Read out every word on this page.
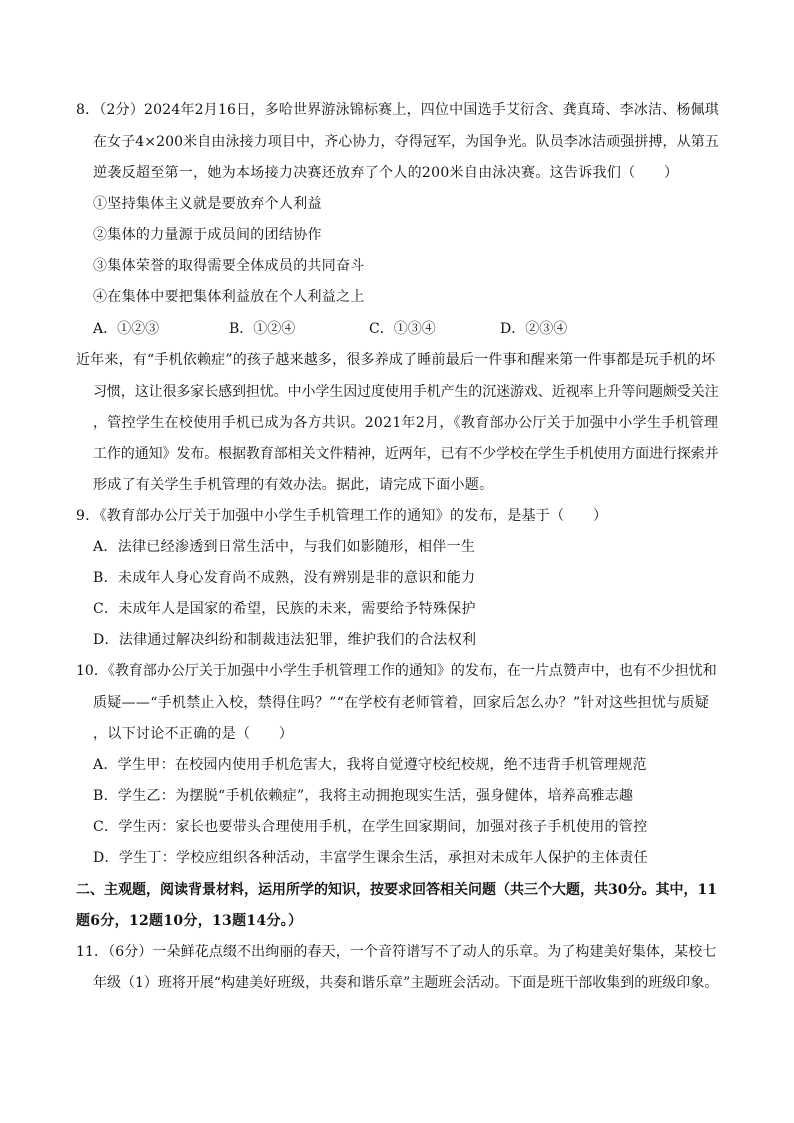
8．（2分）2024年2月16日，多哈世界游泳锦标赛上，四位中国选手艾衍含、龚真琦、李冰洁、杨佩琪
在女子4×200米自由泳接力项目中，齐心协力，夺得冠军，为国争光。队员李冰洁顽强拼搏，从第五
逆袭反超至第一，她为本场接力决赛还放弃了个人的200米自由泳决赛。这告诉我们（　　）
①坚持集体主义就是要放弃个人利益
②集体的力量源于成员间的团结协作
③集体荣誉的取得需要全体成员的共同奋斗
④在集体中要把集体利益放在个人利益之上
A．①②③	B．①②④	C．①③④	D．②③④
近年来，有“手机依赖症”的孩子越来越多，很多养成了睡前最后一件事和醒来第一件事都是玩手机的坏
习惯，这让很多家长感到担忧。中小学生因过度使用手机产生的沉迷游戏、近视率上升等问题颇受关注
，管控学生在校使用手机已成为各方共识。2021年2月，《教育部办公厅关于加强中小学生手机管理
工作的通知》发布。根据教育部相关文件精神，近两年，已有不少学校在学生手机使用方面进行探索并
形成了有关学生手机管理的有效办法。据此，请完成下面小题。
9．《教育部办公厅关于加强中小学生手机管理工作的通知》的发布，是基于（　　）
A．法律已经渗透到日常生活中，与我们如影随形，相伴一生
B．未成年人身心发育尚不成熟，没有辨别是非的意识和能力
C．未成年人是国家的希望，民族的未来，需要给予特殊保护
D．法律通过解决纠纷和制裁违法犯罪，维护我们的合法权利
10．《教育部办公厅关于加强中小学生手机管理工作的通知》的发布，在一片点赞声中，也有不少担忧和
质疑——“手机禁止入校，禁得住吗？”“在学校有老师管着，回家后怎么办？”针对这些担忧与质疑
，以下讨论不正确的是（　　）
A．学生甲：在校园内使用手机危害大，我将自觉遵守校纪校规，绝不违背手机管理规范
B．学生乙：为摆脱“手机依赖症”，我将主动拥抱现实生活，强身健体，培养高雅志趣
C．学生丙：家长也要带头合理使用手机，在学生回家期间，加强对孩子手机使用的管控
D．学生丁：学校应组织各种活动，丰富学生课余生活，承担对未成年人保护的主体责任
二、主观题，阅读背景材料，运用所学的知识，按要求回答相关问题（共三个大题，共30分。其中，11
题6分，12题10分，13题14分。）
11．（6分）一朵鲜花点缀不出绚丽的春天，一个音符谱写不了动人的乐章。为了构建美好集体，某校七
年级（1）班将开展“构建美好班级，共奏和谐乐章”主题班会活动。下面是班干部收集到的班级印象。
